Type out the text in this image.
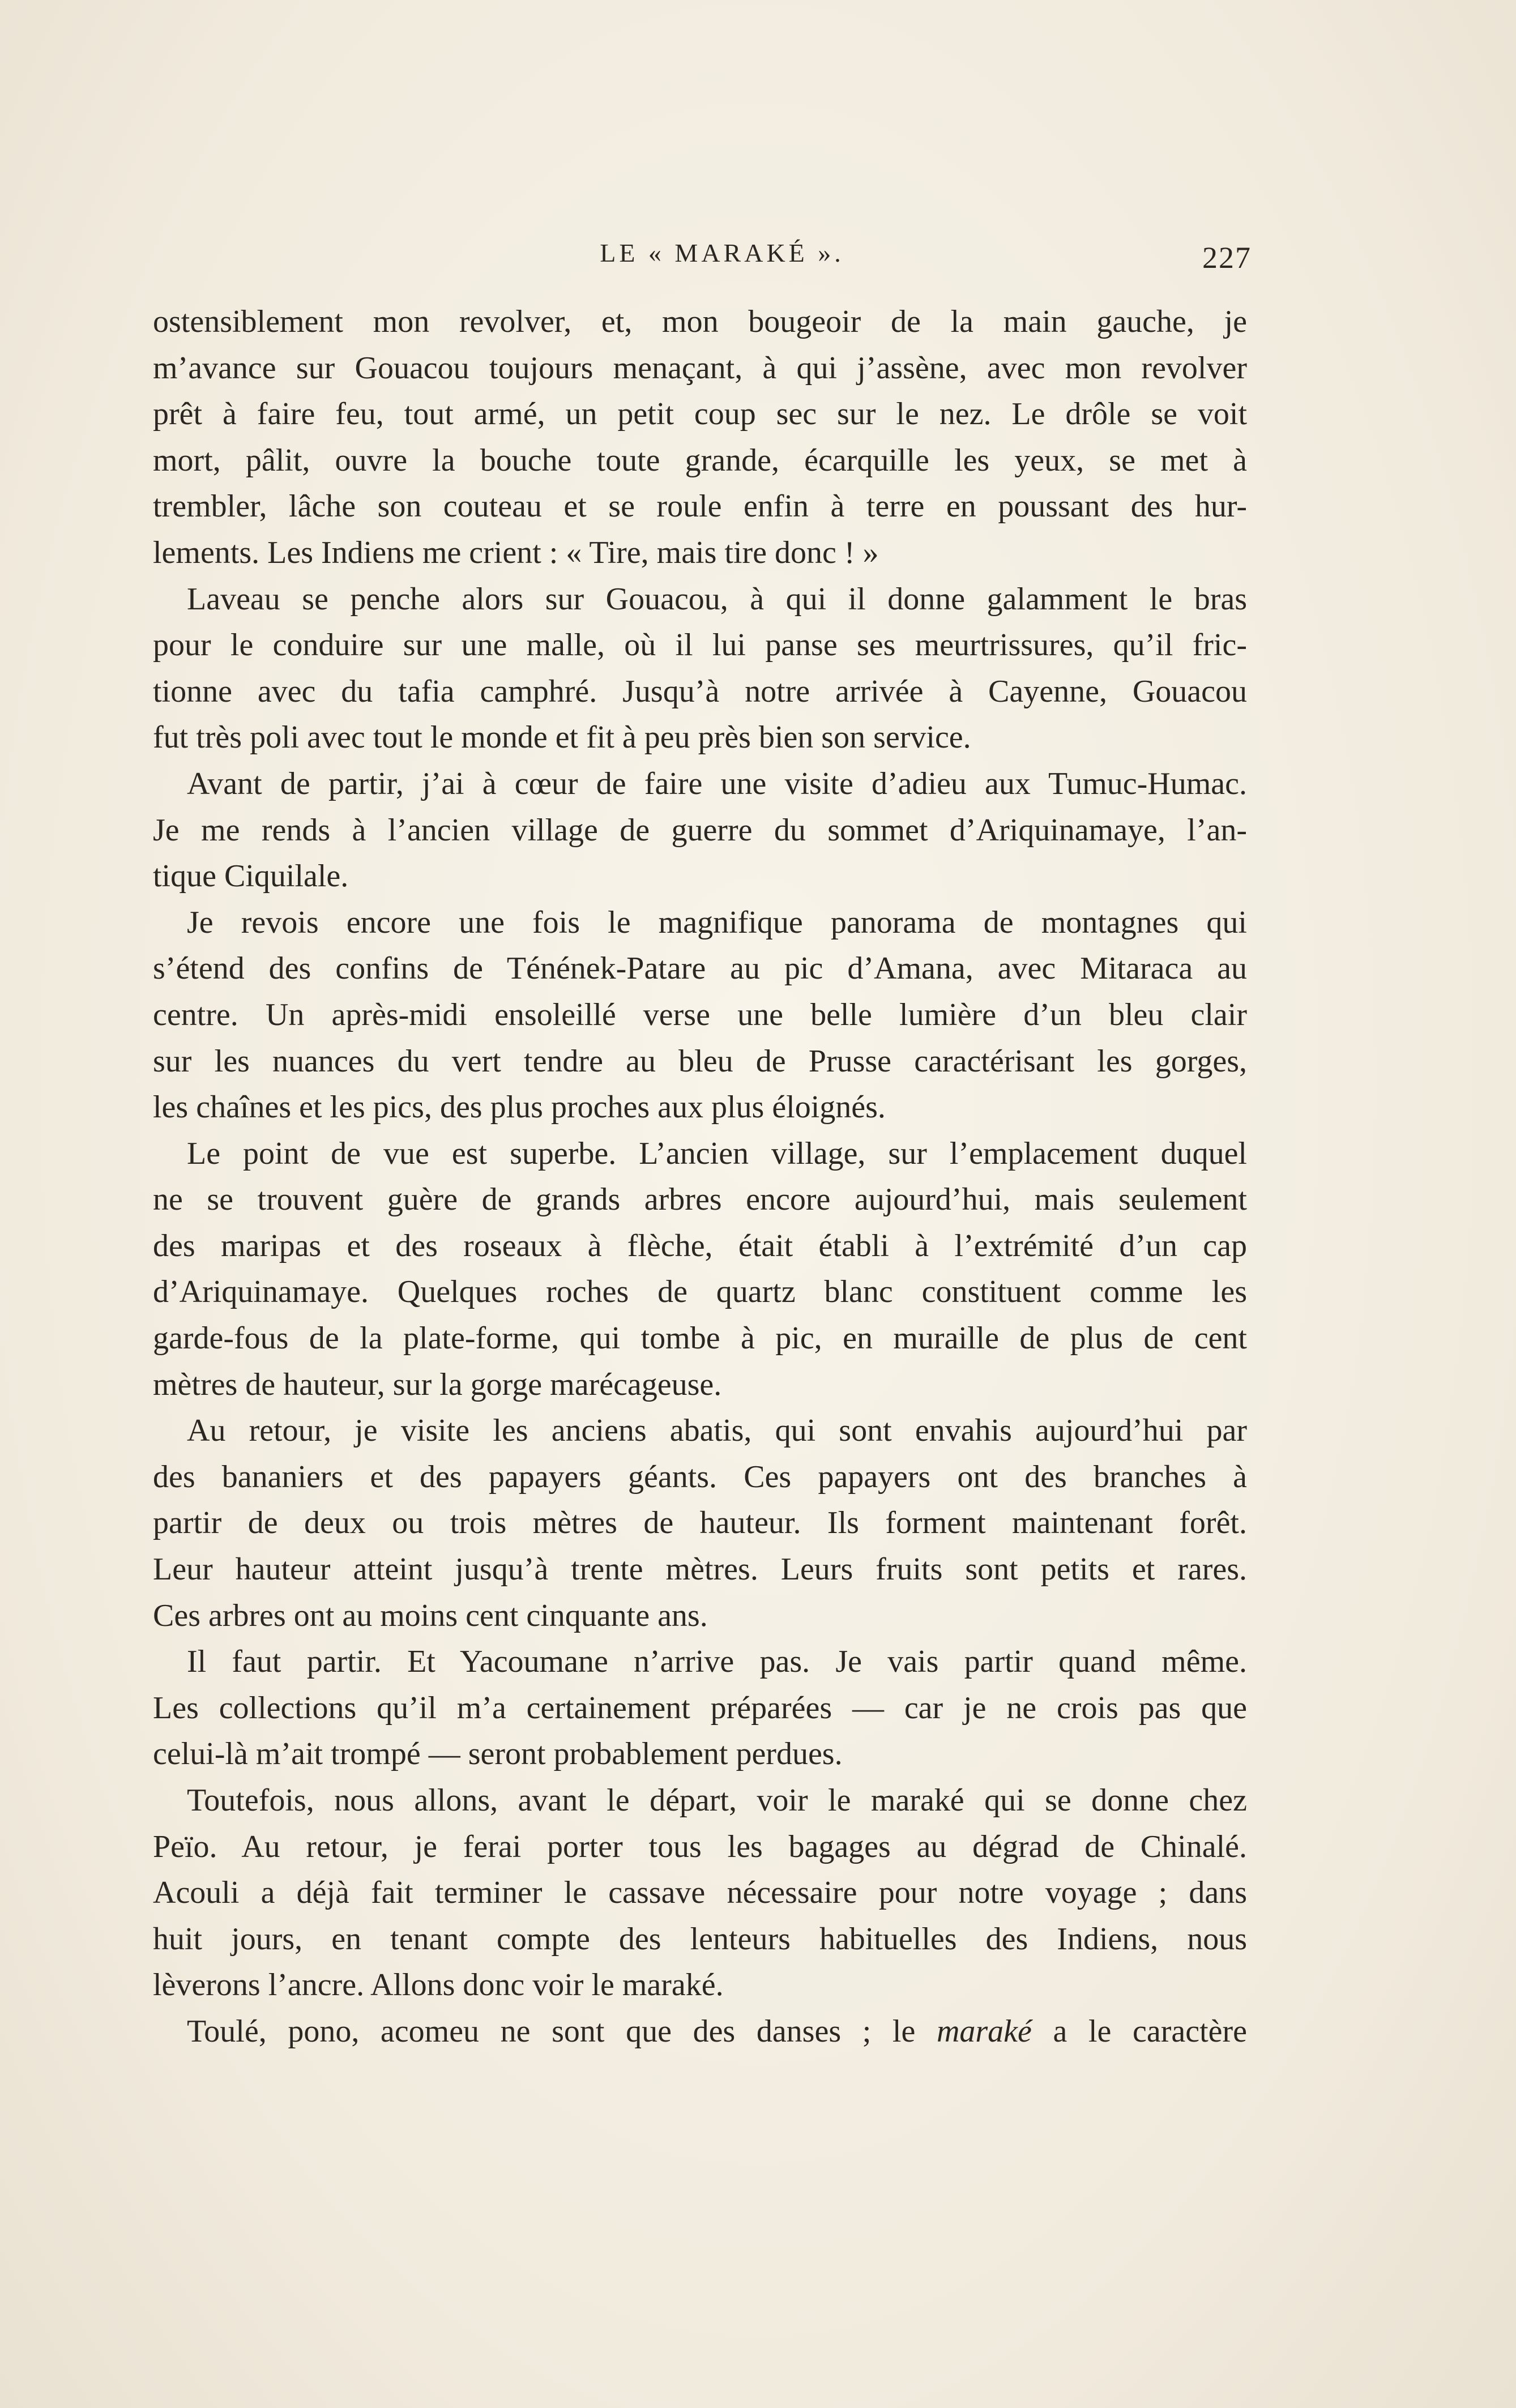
LE « MARAKÉ ».	227
ostensiblement mon revolver, et, mon bougeoir de la main gauche, je
m’avance sur Gouacou toujours menaçant, à qui j’assène, avec mon revolver
prêt à faire feu, tout armé, un petit coup sec sur le nez. Le drôle se voit
mort, pâlit, ouvre la bouche toute grande, écarquille les yeux, se met à
trembler, lâche son couteau et se roule enfin à terre en poussant des hur-
lements. Les Indiens me crient : « Tire, mais tire donc ! »
Laveau se penche alors sur Gouacou, à qui il donne galamment le bras
pour le conduire sur une malle, où il lui panse ses meurtrissures, qu’il fric-
tionne avec du tafia camphré. Jusqu’à notre arrivée à Cayenne, Gouacou
fut très poli avec tout le monde et fit à peu près bien son service.
Avant de partir, j’ai à cœur de faire une visite d’adieu aux Tumuc-Humac.
Je me rends à l’ancien village de guerre du sommet d’Ariquinamaye, l’an-
tique Ciquilale.
Je revois encore une fois le magnifique panorama de montagnes qui
s’étend des confins de Ténének-Patare au pic d’Amana, avec Mitaraca au
centre. Un après-midi ensoleillé verse une belle lumière d’un bleu clair
sur les nuances du vert tendre au bleu de Prusse caractérisant les gorges,
les chaînes et les pics, des plus proches aux plus éloignés.
Le point de vue est superbe. L’ancien village, sur l’emplacement duquel
ne se trouvent guère de grands arbres encore aujourd’hui, mais seulement
des maripas et des roseaux à flèche, était établi à l’extrémité d’un cap
d’Ariquinamaye. Quelques roches de quartz blanc constituent comme les
garde-fous de la plate-forme, qui tombe à pic, en muraille de plus de cent
mètres de hauteur, sur la gorge marécageuse.
Au retour, je visite les anciens abatis, qui sont envahis aujourd’hui par
des bananiers et des papayers géants. Ces papayers ont des branches à
partir de deux ou trois mètres de hauteur. Ils forment maintenant forêt.
Leur hauteur atteint jusqu’à trente mètres. Leurs fruits sont petits et rares.
Ces arbres ont au moins cent cinquante ans.
Il faut partir. Et Yacoumane n’arrive pas. Je vais partir quand même.
Les collections qu’il m’a certainement préparées — car je ne crois pas que
celui-là m’ait trompé — seront probablement perdues.
Toutefois, nous allons, avant le départ, voir le maraké qui se donne chez
Peïo. Au retour, je ferai porter tous les bagages au dégrad de Chinalé.
Acouli a déjà fait terminer le cassave nécessaire pour notre voyage ; dans
huit jours, en tenant compte des lenteurs habituelles des Indiens, nous
lèverons l’ancre. Allons donc voir le maraké.
Toulé, pono, acomeu ne sont que des danses ; le maraké a le caractère
